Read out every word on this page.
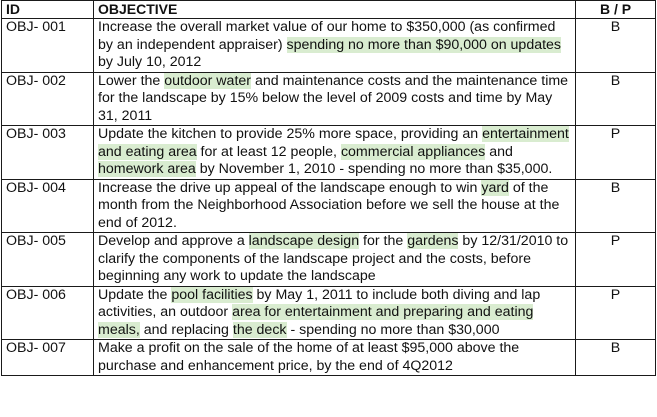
ID	OBJECTIVE	B / P
OBJ- 001	Increase the overall market value of our home to $350,000 (as confirmed by an independent appraiser) spending no more than $90,000 on updates by July 10, 2012	B
OBJ- 002	Lower the outdoor water and maintenance costs and the maintenance time for the landscape by 15% below the level of 2009 costs and time by May 31, 2011	B
OBJ- 003	Update the kitchen to provide 25% more space, providing an entertainment and eating area for at least 12 people, commercial appliances and homework area by November 1, 2010 - spending no more than $35,000.	P
OBJ- 004	Increase the drive up appeal of the landscape enough to win yard of the month from the Neighborhood Association before we sell the house at the end of 2012.	B
OBJ- 005	Develop and approve a landscape design for the gardens by 12/31/2010 to clarify the components of the landscape project and the costs, before beginning any work to update the landscape	P
OBJ- 006	Update the pool facilities by May 1, 2011 to include both diving and lap activities, an outdoor area for entertainment and preparing and eating meals, and replacing the deck - spending no more than $30,000	P
OBJ- 007	Make a profit on the sale of the home of at least $95,000 above the purchase and enhancement price, by the end of 4Q2012	B
